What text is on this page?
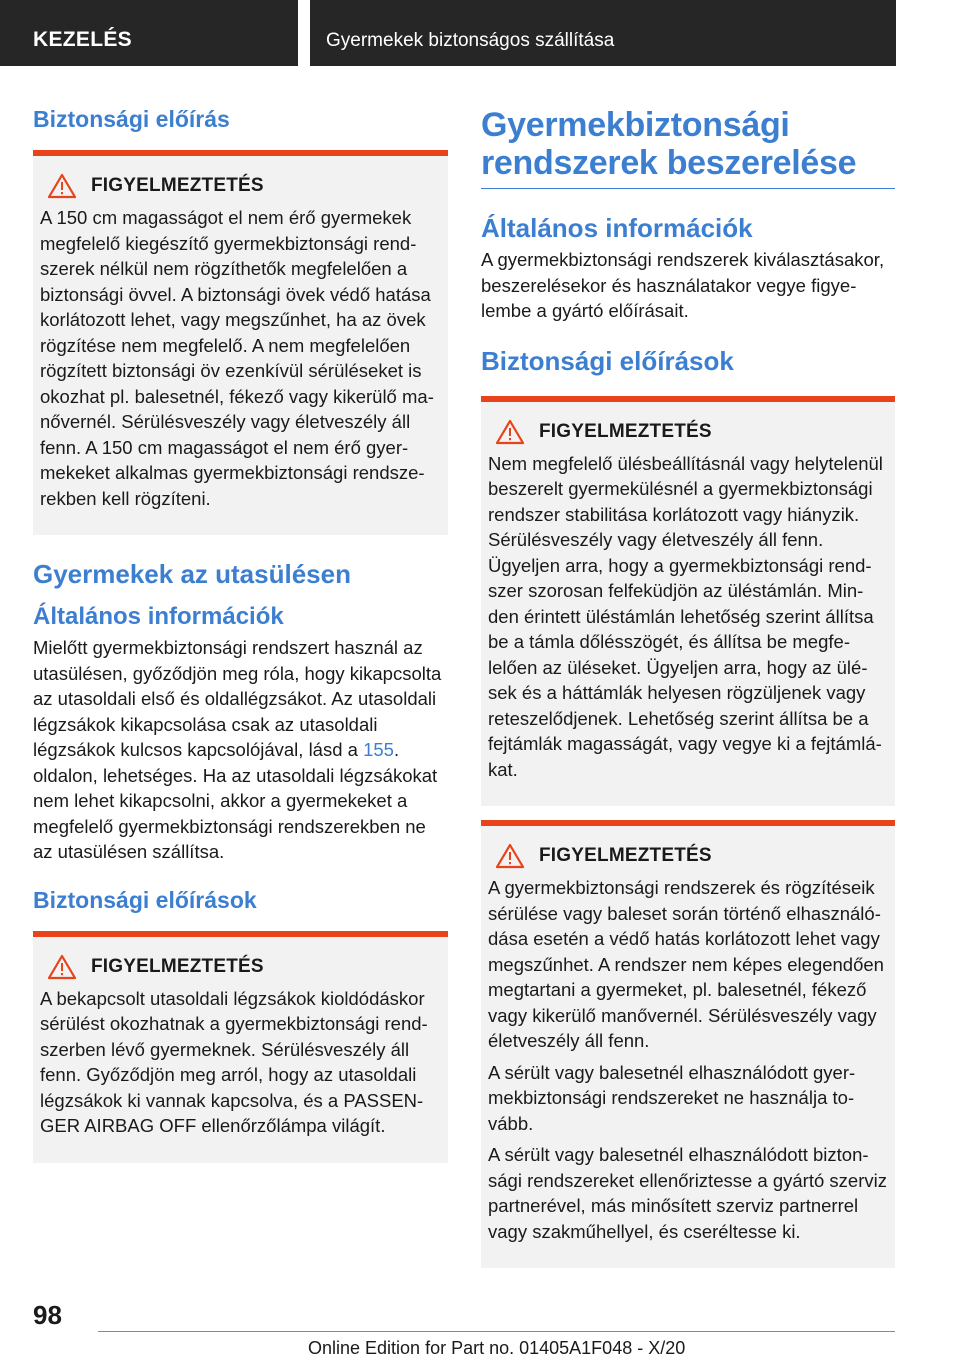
KEZELÉS	Gyermekek biztonságos szállítása
Biztonsági előírás
FIGYELMEZTETÉS

A 150 cm magasságot el nem érő gyermekek megfelelő kiegészítő gyermekbiztonsági rendszerek nélkül nem rögzíthetők megfelelően a biztonsági övvel. A biztonsági övek védő hatása korlátozott lehet, vagy megszűnhet, ha az övek rögzítése nem megfelelő. A nem megfelelően rögzített biztonsági öv ezenkívül sérüléseket is okozhat pl. balesetnél, fékező vagy kikerülő manővernél. Sérülésveszély vagy életveszély áll fenn. A 150 cm magasságot el nem érő gyermekeket alkalmas gyermekbiztonsági rendszerekben kell rögzíteni.

Gyermekek az utasülésen
Általános információk

Mielőtt gyermekbiztonsági rendszert használ az utasülésen, győződjön meg róla, hogy kikapcsolta az utasoldali első és oldallégzsákot. Az utasoldali légzsákok kikapcsolása csak az utasoldali légzsákok kulcsos kapcsolójával, lásd a 155. oldalon, lehetséges. Ha az utasoldali légzsákokat nem lehet kikapcsolni, akkor a gyermekeket a megfelelő gyermekbiztonsági rendszerekben ne az utasülésen szállítsa.

Biztonsági előírások
FIGYELMEZTETÉS

A bekapcsolt utasoldali légzsákok kioldódáskor sérülést okozhatnak a gyermekbiztonsági rendszerben lévő gyermeknek. Sérülésveszély áll fenn. Győződjön meg arról, hogy az utasoldali légzsákok ki vannak kapcsolva, és a PASSENGER AIRBAG OFF ellenőrzőlámpa világít.

Gyermekbiztonsági rendszerek beszerelése
Általános információk

A gyermekbiztonsági rendszerek kiválasztásakor, beszerelésekor és használatakor vegye figyelembe a gyártó előírásait.

Biztonsági előírások
FIGYELMEZTETÉS

Nem megfelelő ülésbeállításnál vagy helytelenül beszerelt gyermekülésnél a gyermekbiztonsági rendszer stabilitása korlátozott vagy hiányzik. Sérülésveszély vagy életveszély áll fenn. Ügyeljen arra, hogy a gyermekbiztonsági rendszer szorosan felfeküdjön az üléstámlán. Minden érintett üléstámlán lehetőség szerint állítsa be a támla dőlésszögét, és állítsa be megfelelően az üléseket. Ügyeljen arra, hogy az ülések és a háttámlák helyesen rögzüljenek vagy reteszelődjenek. Lehetőség szerint állítsa be a fejtámlák magasságát, vagy vegye ki a fejtámlákat.

FIGYELMEZTETÉS

A gyermekbiztonsági rendszerek és rögzítéseik sérülése vagy baleset során történő elhasználódása esetén a védő hatás korlátozott lehet vagy megszűnhet. A rendszer nem képes elegendően megtartani a gyermeket, pl. balesetnél, fékező vagy kikerülő manővernél. Sérülésveszély vagy életveszély áll fenn.

A sérült vagy balesetnél elhasználódott gyermekbiztonsági rendszereket ne használja tovább.

A sérült vagy balesetnél elhasználódott biztonsági rendszereket ellenőriztesse a gyártó szerviz partnerével, más minősített szerviz partnerrel vagy szakműhellyel, és cseréltesse ki.

98
Online Edition for Part no. 01405A1F048 - X/20
